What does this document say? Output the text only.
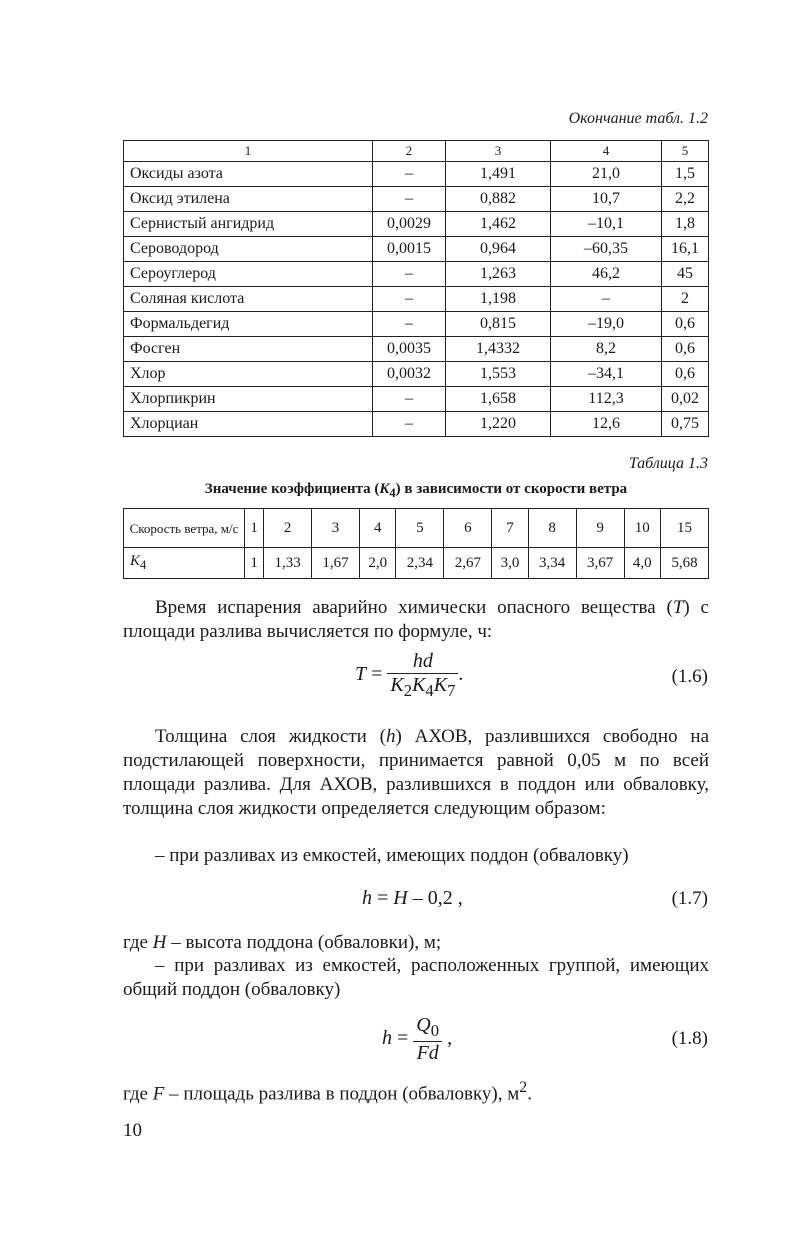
Окончание табл. 1.2
1	2	3	4	5
Оксиды азота	–	1,491	21,0	1,5
Оксид этилена	–	0,882	10,7	2,2
Сернистый ангидрид	0,0029	1,462	–10,1	1,8
Сероводород	0,0015	0,964	–60,35	16,1
Сероуглерод	–	1,263	46,2	45
Соляная кислота	–	1,198	–	2
Формальдегид	–	0,815	–19,0	0,6
Фосген	0,0035	1,4332	8,2	0,6
Хлор	0,0032	1,553	–34,1	0,6
Хлорпикрин	–	1,658	112,3	0,02
Хлорциан	–	1,220	12,6	0,75
Таблица 1.3
Значение коэффициента $(K_4)$ в зависимости от скорости ветра
Скорость ветра, м/с	1	2	3	4	5	6	7	8	9	10	15
$K_4$	1	1,33	1,67	2,0	2,34	2,67	3,0	3,34	3,67	4,0	5,68
Время испарения аварийно химически опасного вещества (T) с площади разлива вычисляется по формуле, ч:
$T = \frac{hd}{K_2K_4K_7}$ .	(1.6)
Толщина слоя жидкости (h) АХОВ, разлившихся свободно на подстилающей поверхности, принимается равной 0,05 м по всей площади разлива. Для АХОВ, разлившихся в поддон или обваловку, толщина слоя жидкости определяется следующим образом:
– при разливах из емкостей, имеющих поддон (обваловку)
h = H – 0,2 ,	(1.7)
где H – высота поддона (обваловки), м;
– при разливах из емкостей, расположенных группой, имеющих общий поддон (обваловку)
$h = \frac{Q_0}{Fd}$ ,	(1.8)
где F – площадь разлива в поддон (обваловку), $м^2$.
10
